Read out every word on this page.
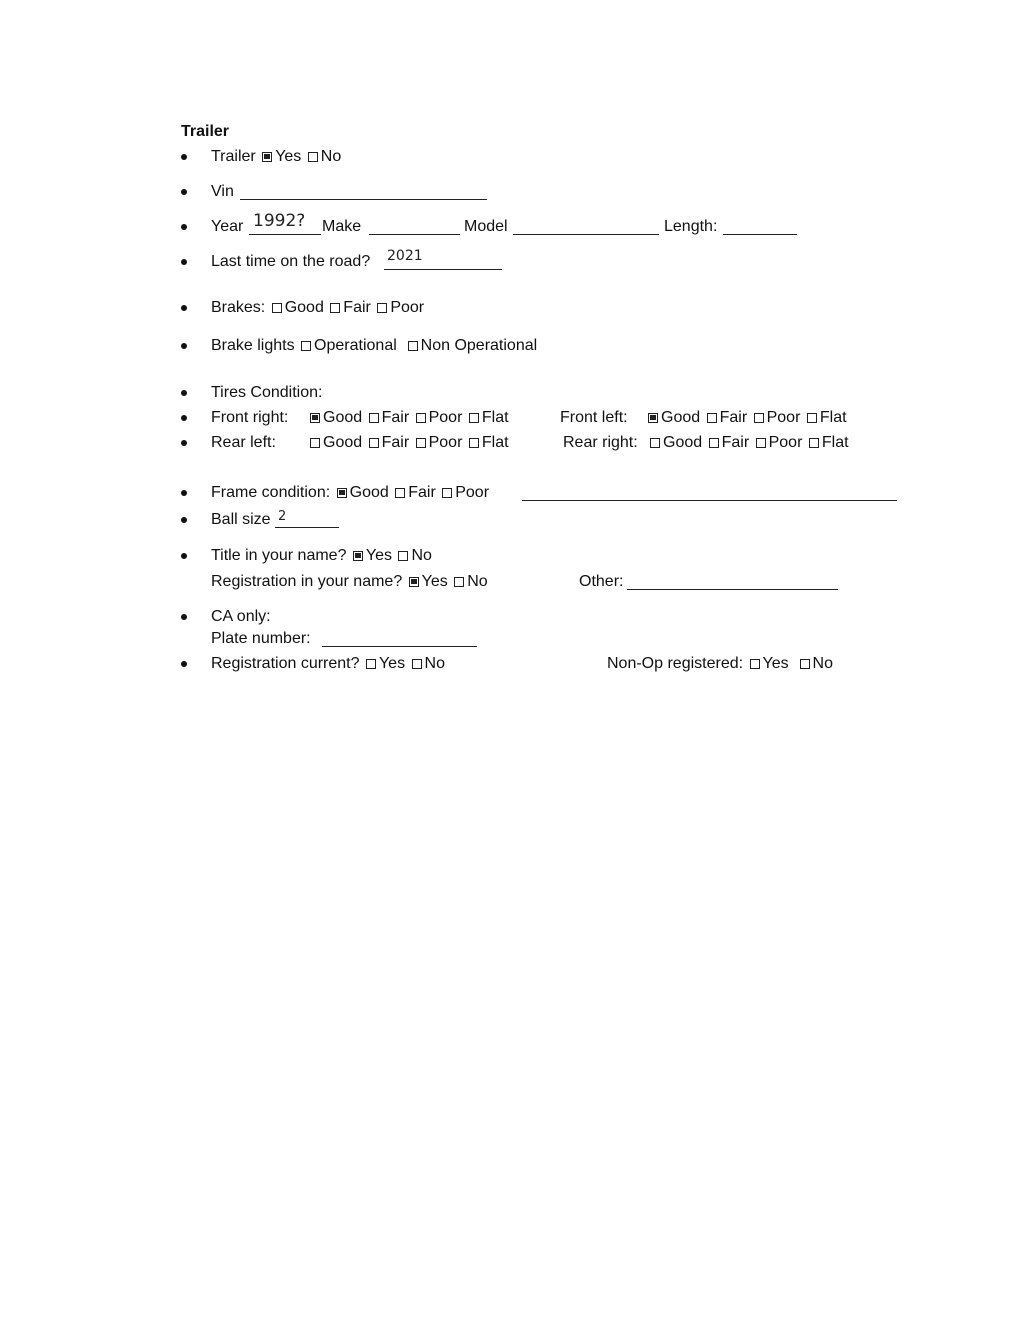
Trailer
Trailer Yes No
Vin
Year 1992? Make	Model	Length:
Last time on the road? 2021
Brakes: Good Fair Poor
Brake lights Operational Non Operational
Tires Condition:
Front right:	Good Fair Poor Flat	Front left:	Good Fair Poor Flat
Rear left:	Good Fair Poor Flat	Rear right:	Good Fair Poor Flat
Frame condition: Good Fair Poor
Ball size 2
Title in your name? Yes No
Registration in your name? Yes No	Other:
CA only:
Plate number:
Registration current? Yes No	Non-Op registered: Yes No
